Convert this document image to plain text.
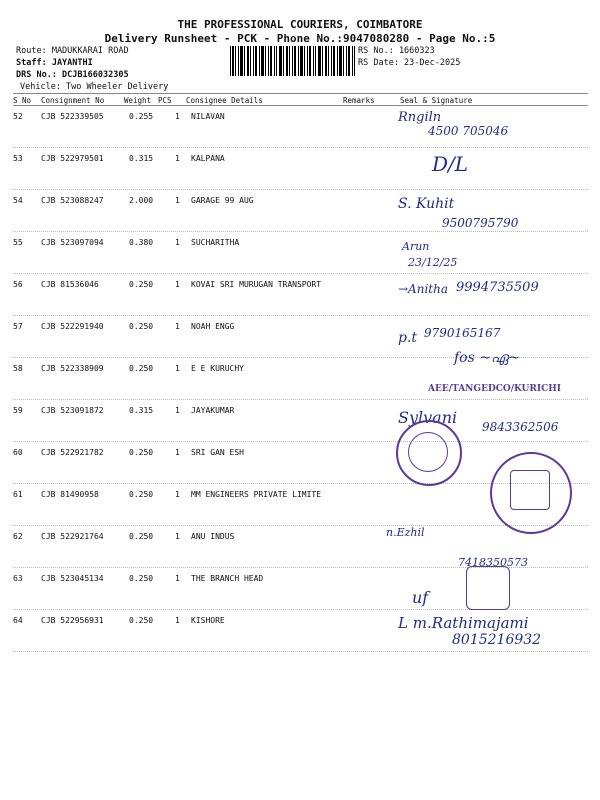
THE PROFESSIONAL COURIERS, COIMBATORE
Delivery Runsheet - PCK - Phone No.:9047080280 - Page No.:5
Route: MADUKKARAI ROAD
Staff: JAYANTHI
DRS No.: DCJB166032305
Vehicle: Two Wheeler Delivery
RS No.: 1660323
RS Date: 23-Dec-2025
S No Consignment No	Weight PCS Consignee Details	Remarks	Seal & Signature
52 CJB 522339505	0.255	1 NILAVAN
53 CJB 522979501	0.315	1 KALPANA
54 CJB 523088247	2.000	1 GARAGE 99 AUG
55 CJB 523097094	0.380	1 SUCHARITHA
56 CJB 81536046	0.250	1 KOVAI SRI MURUGAN TRANSPORT
57 CJB 522291940	0.250	1 NOAH ENGG
58 CJB 522338909	0.250	1 E E KURUCHY
59 CJB 523091872	0.315	1 JAYAKUMAR
60 CJB 522921782	0.250	1 SRI GAN ESH
61 CJB 81490958	0.250	1 MM ENGINEERS PRIVATE LIMITE
62 CJB 522921764	0.250	1 ANU INDUS
63 CJB 523045134	0.250	1 THE BRANCH HEAD
64 CJB 522956931	0.250	1 KISHORE
Rngiln
4500 705046
D/L
S. Kuhit
9500795790
Arun
23/12/25
→Anitha 9994735509
p.t 9790165167
fos ~ഏ~
AEE/TANGEDCO/KURICHI
Sylvani 9843362506
n.Ezhil
7418350573
uf
L m.Rathimajami
8015216932
